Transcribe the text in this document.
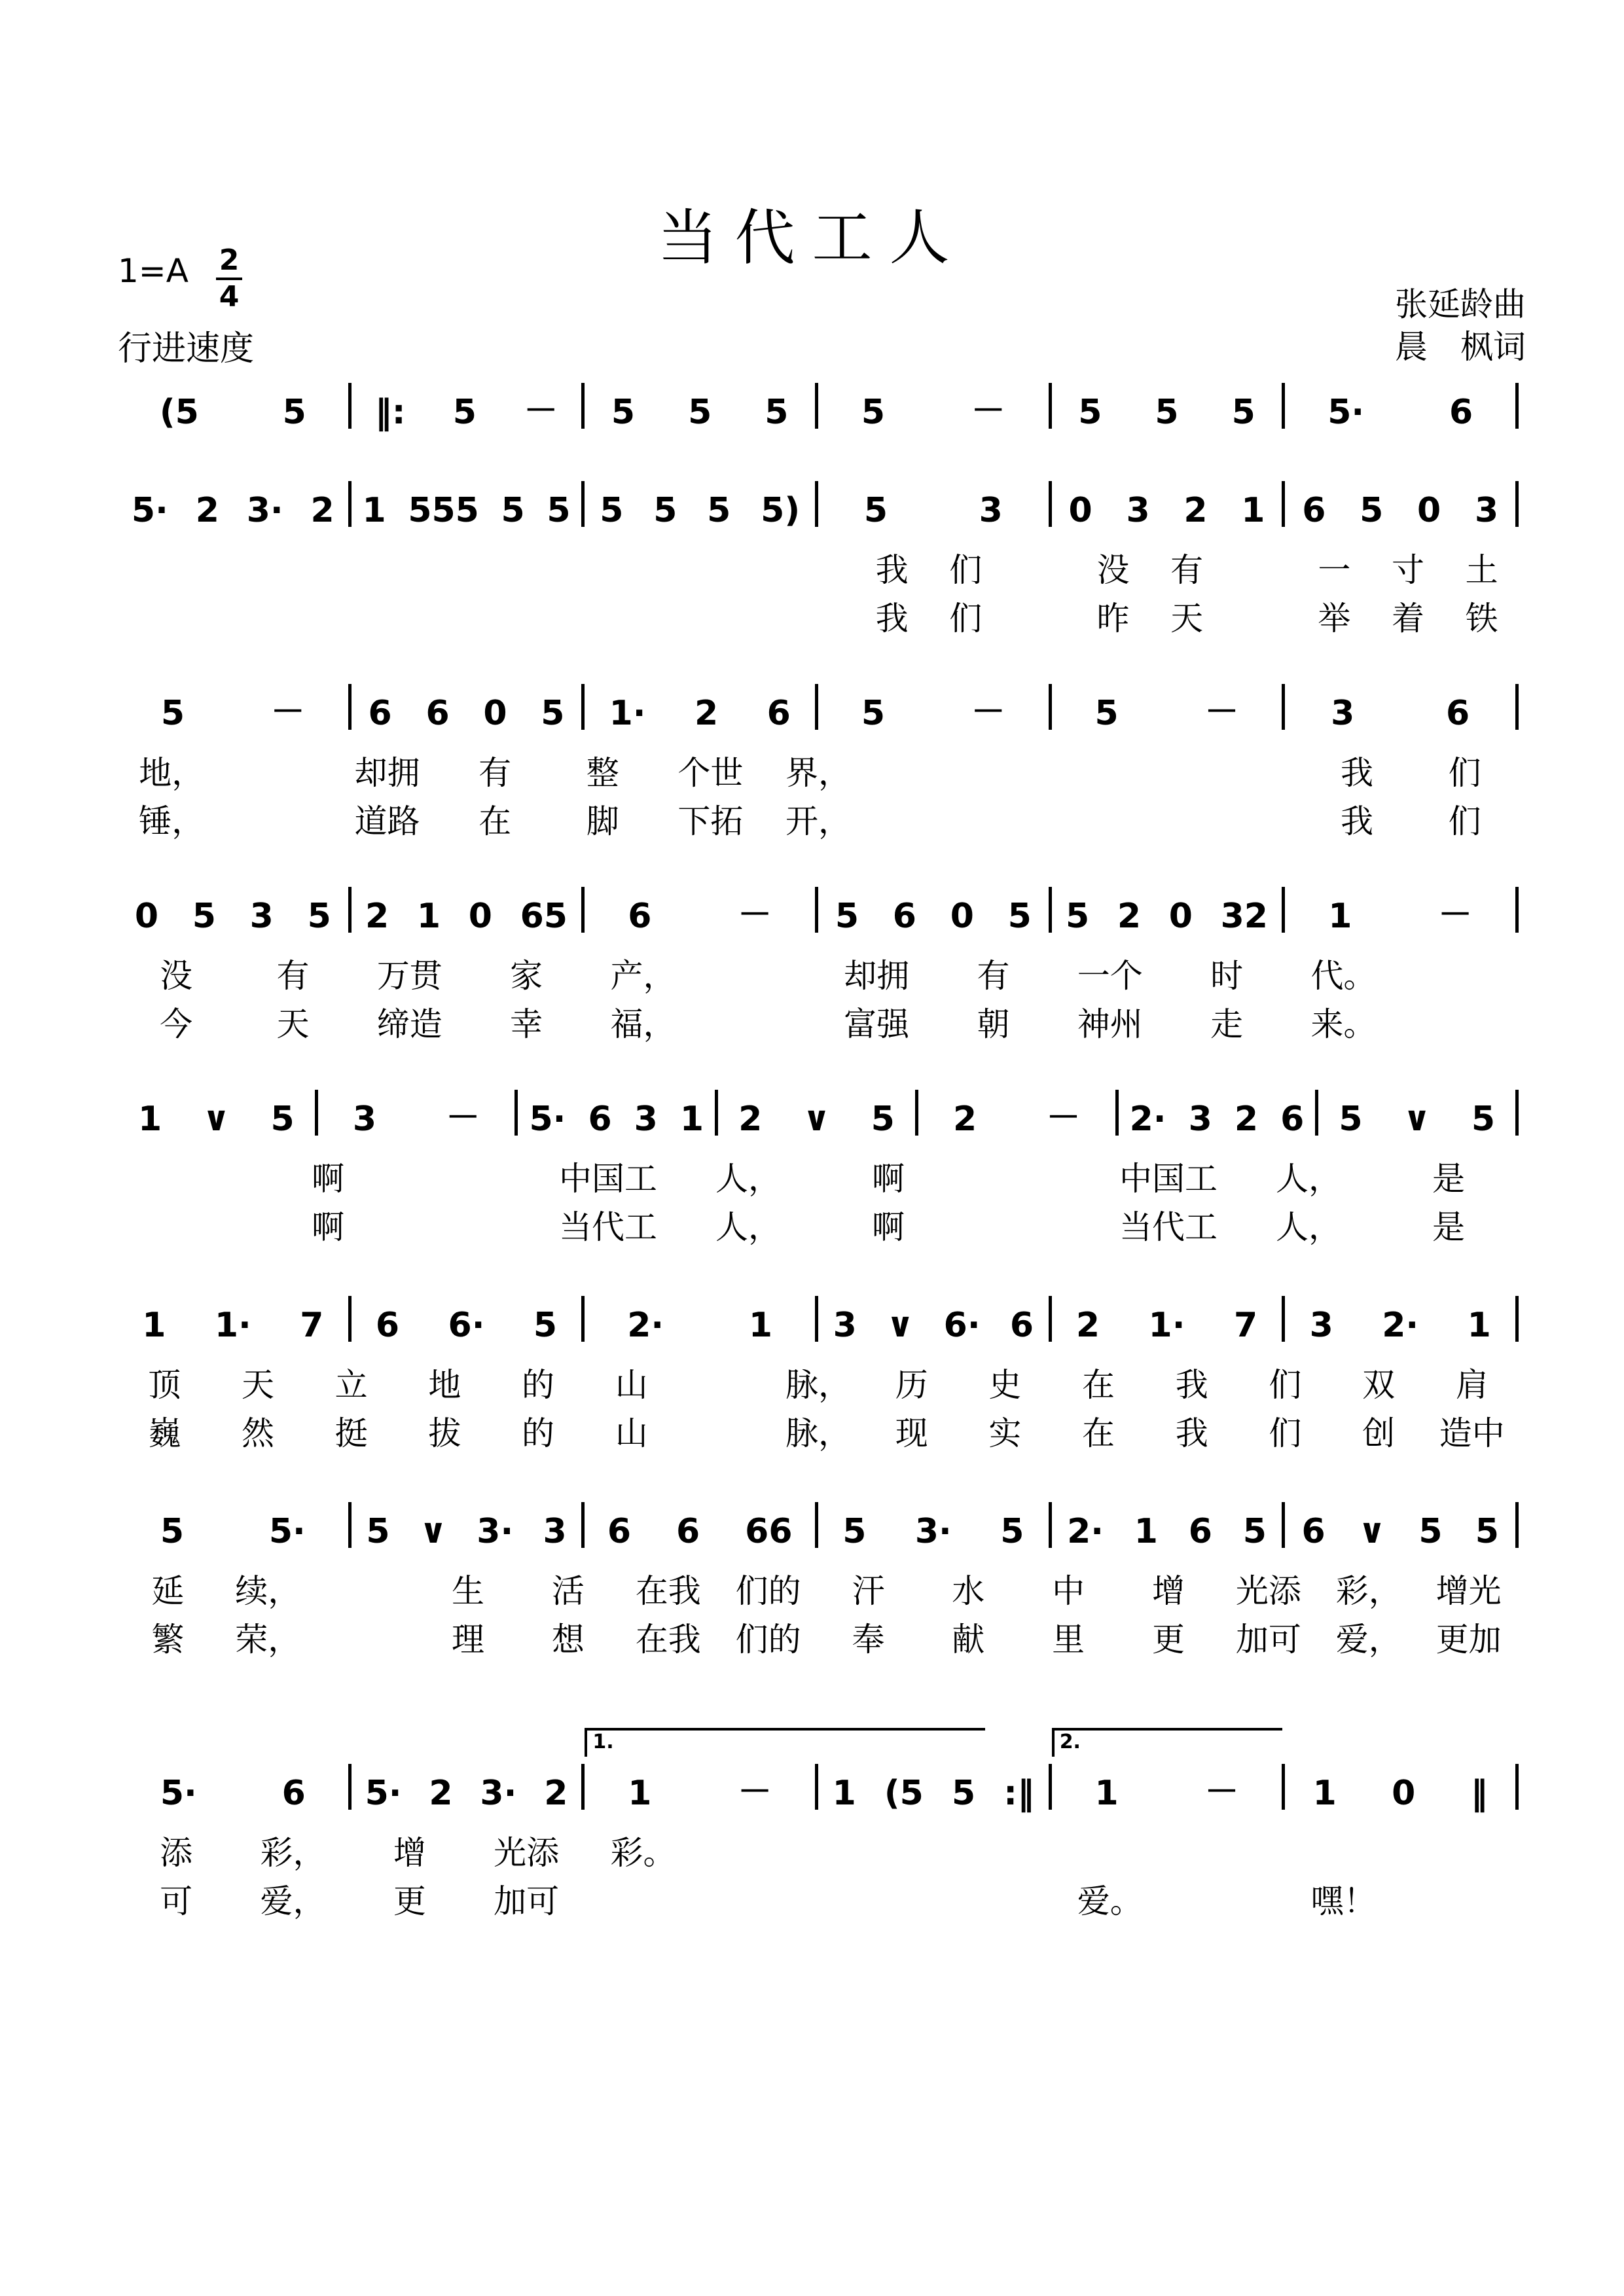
当代工人
1=A 2
4
行进速度
张延龄曲
晨　枫词
(5 5 ‖: 5 － 5 5 5 5	－ 5 5 5 5· 6
5· 2 3· 2 1 555 5 5 5 5 5 5) 5	3 0 3 2 1 6 5 0 3
我	们	没	有	一	寸	土
我	们	昨	天	举	着	铁
5	－ 6 6 0 5 1· 2 6 5	－	5	－	3	6
地，	却拥	有	整	个世	界，	我	们
锤，	道路	在	脚	下拓	开，	我	们
0 5 3 5 2 1 0 65 6	－ 5 6 0 5 5 2 0 32 1	－
没	有	万贯	家	产，	却拥	有	一个	时	代。
今	天	缔造	幸	福，	富强	朝	神州	走	来。
1 ∨ 5 3 － 5· 6 3 1 2 ∨ 5 2 － 2· 3 2 6 5 ∨ 5
啊	中国工	人，	啊	中国工	人，	是
啊	当代工	人，	啊	当代工	人，	是
1 1· 7 6 6· 5 2· 1 3 ∨ 6· 6 2 1· 7 3 2· 1
顶	天	立	地	的	山	脉，	历	史	在	我	们	双	肩
巍	然	挺	拔	的	山	脉，	现	实	在	我	们	创	造中
5 5· 5 ∨ 3· 3 6 6 66 5 3· 5 2· 1 6 5 6 ∨ 5 5
延	续，	生	活	在我	们的	汗	水	中	增	光添	彩，	增光
繁	荣，	理	想	在我	们的	奉	献	里	更	加可	爱，	更加
5· 6 5· 2 3· 2 1	－
1.
1 (5 5 :‖ 1	－
2.
1 0 ‖
添	彩，	增	光添	彩。
可	爱，	更	加可	爱。	嘿！
